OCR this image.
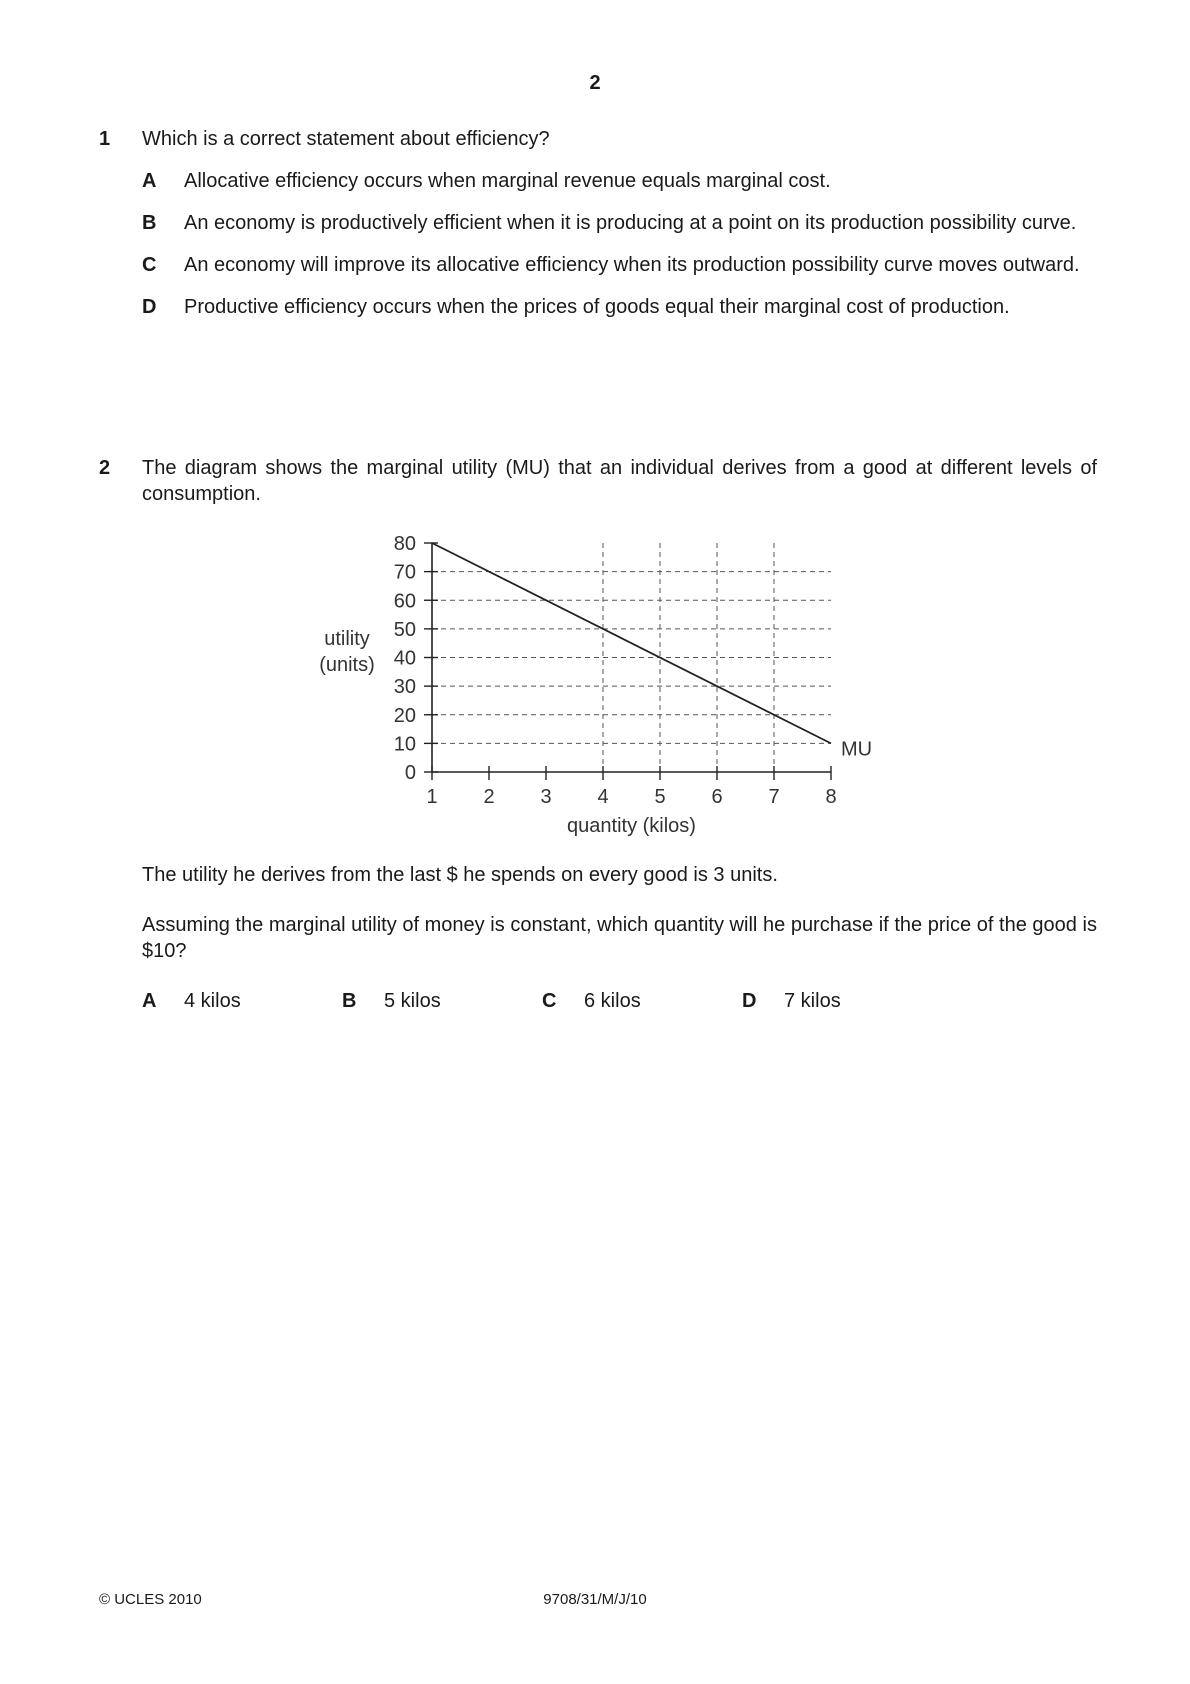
2
1 Which is a correct statement about efficiency?
A Allocative efficiency occurs when marginal revenue equals marginal cost.
B An economy is productively efficient when it is producing at a point on its production possibility curve.
C An economy will improve its allocative efficiency when its production possibility curve moves outward.
D Productive efficiency occurs when the prices of goods equal their marginal cost of production.
2 The diagram shows the marginal utility (MU) that an individual derives from a good at different levels of consumption.
0
10
20
30
40
50
60
70
80
1 2 3 4 5 6 7 8
quantity (kilos)
utility
(units)
MU
The utility he derives from the last $ he spends on every good is 3 units.
Assuming the marginal utility of money is constant, which quantity will he purchase if the price of the good is $10?
A 4 kilos	B 5 kilos	C 6 kilos	D 7 kilos
© UCLES 2010	9708/31/M/J/10
